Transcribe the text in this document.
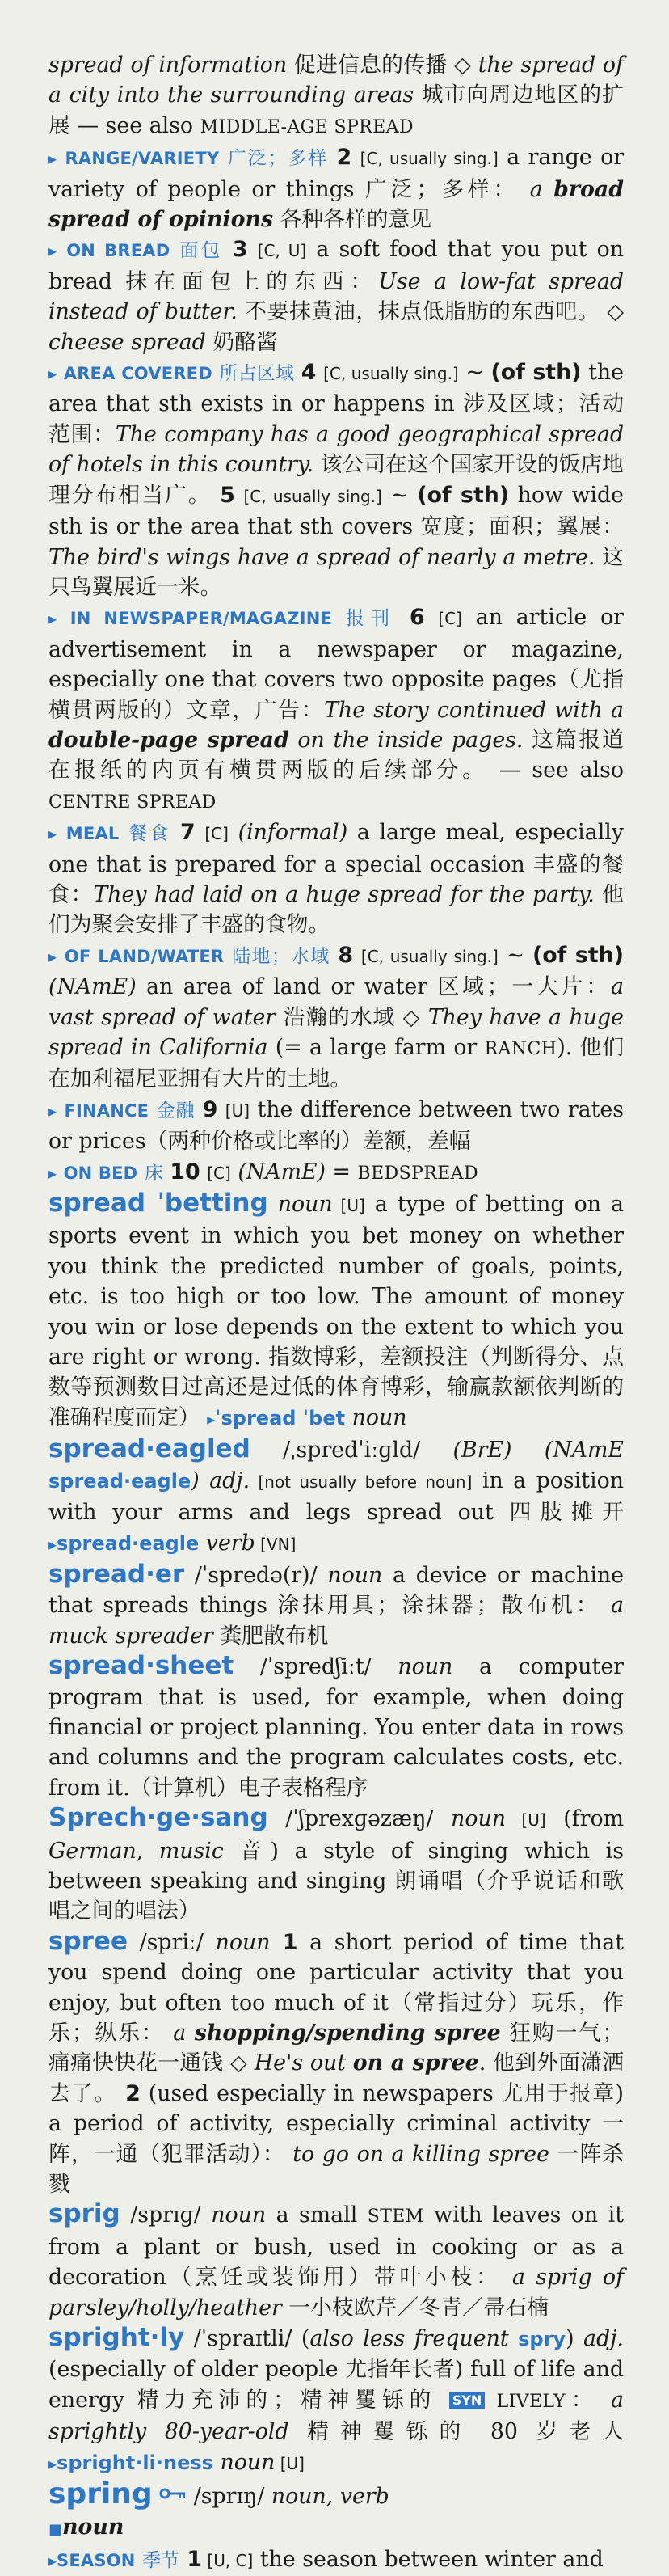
spread of information 促进信息的传播 ◇ the spread of a city into the surrounding areas 城市向周边地区的扩展 — see also MIDDLE-AGE SPREAD
▸ RANGE/VARIETY 广泛；多样 2 [C, usually sing.] a range or variety of people or things 广泛；多样： a broad spread of opinions 各种各样的意见
▸ ON BREAD 面包 3 [C, U] a soft food that you put on bread 抹在面包上的东西：Use a low-fat spread instead of butter. 不要抹黄油，抹点低脂肪的东西吧。 ◇ cheese spread 奶酪酱
▸ AREA COVERED 所占区域 4 [C, usually sing.] ~ (of sth) the area that sth exists in or happens in 涉及区域；活动范围：The company has a good geographical spread of hotels in this country. 该公司在这个国家开设的饭店地理分布相当广。 5 [C, usually sing.] ~ (of sth) how wide sth is or the area that sth covers 宽度；面积；翼展：The bird's wings have a spread of nearly a metre. 这只鸟翼展近一米。
▸ IN NEWSPAPER/MAGAZINE 报刊 6 [C] an article or advertisement in a newspaper or magazine, especially one that covers two opposite pages（尤指横贯两版的）文章，广告：The story continued with a double-page spread on the inside pages. 这篇报道在报纸的内页有横贯两版的后续部分。 — see also CENTRE SPREAD
▸ MEAL 餐食 7 [C] (informal) a large meal, especially one that is prepared for a special occasion 丰盛的餐食：They had laid on a huge spread for the party. 他们为聚会安排了丰盛的食物。
▸ OF LAND/WATER 陆地；水域 8 [C, usually sing.] ~ (of sth) (NAmE) an area of land or water 区域；一大片：a vast spread of water 浩瀚的水域 ◇ They have a huge spread in California (= a large farm or RANCH). 他们在加利福尼亚拥有大片的土地。
▸ FINANCE 金融 9 [U] the difference between two rates or prices（两种价格或比率的）差额，差幅
▸ ON BED 床 10 [C] (NAmE) = BEDSPREAD
spread ˈbetting noun [U] a type of betting on a sports event in which you bet money on whether you think the predicted number of goals, points, etc. is too high or too low. The amount of money you win or lose depends on the extent to which you are right or wrong. 指数博彩，差额投注（判断得分、点数等预测数目过高还是过低的体育博彩，输赢款额依判断的准确程度而定） ▸ˈspread ˈbet noun
spread·eagled /ˌspredˈiːɡld/ (BrE) (NAmE spread·eagle) adj. [not usually before noun] in a position with your arms and legs spread out 四肢摊开 ▸spread·eagle verb [VN]
spread·er /ˈspredə(r)/ noun a device or machine that spreads things 涂抹用具；涂抹器；散布机： a muck spreader 粪肥散布机
spread·sheet /ˈspredʃiːt/ noun a computer program that is used, for example, when doing financial or project planning. You enter data in rows and columns and the program calculates costs, etc. from it.（计算机）电子表格程序
Sprech·ge·sang /ˈʃprexɡəzæŋ/ noun [U] (from German, music 音) a style of singing which is between speaking and singing 朗诵唱（介乎说话和歌唱之间的唱法）
spree /spriː/ noun 1 a short period of time that you spend doing one particular activity that you enjoy, but often too much of it（常指过分）玩乐，作乐；纵乐： a shopping/spending spree 狂购一气；痛痛快快花一通钱 ◇ He's out on a spree. 他到外面潇洒去了。 2 (used especially in newspapers 尤用于报章) a period of activity, especially criminal activity 一阵，一通（犯罪活动）： to go on a killing spree 一阵杀戮
sprig /sprɪɡ/ noun a small STEM with leaves on it from a plant or bush, used in cooking or as a decoration（烹饪或装饰用）带叶小枝： a sprig of parsley/holly/heather 一小枝欧芹／冬青／帚石楠
spright·ly /ˈspraɪtli/ (also less frequent spry) adj. (especially of older people 尤指年长者) full of life and energy 精力充沛的；精神矍铄的 SYN LIVELY： a sprightly 80-year-old 精神矍铄的 80 岁老人 ▸spright·li·ness noun [U]
spring  /sprɪŋ/ noun, verb
■noun
▸SEASON 季节 1 [U, C] the season between winter and
